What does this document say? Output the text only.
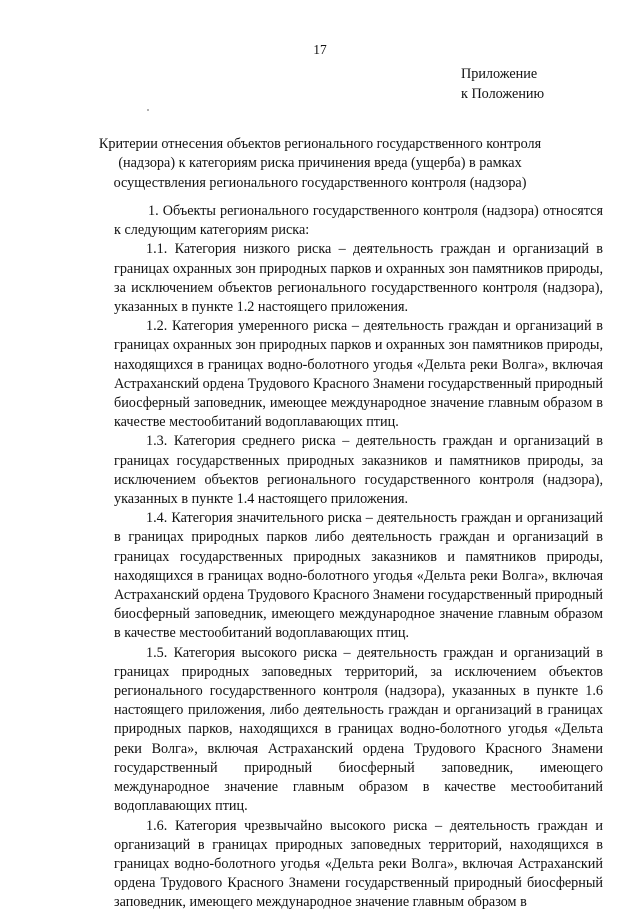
17
Приложение
к Положению
Критерии отнесения объектов регионального государственного контроля (надзора) к категориям риска причинения вреда (ущерба) в рамках осуществления регионального государственного контроля (надзора)

1. Объекты регионального государственного контроля (надзора) относятся к следующим категориям риска:

1.1. Категория низкого риска – деятельность граждан и организаций в границах охранных зон природных парков и охранных зон памятников природы, за исключением объектов регионального государственного контроля (надзора), указанных в пункте 1.2 настоящего приложения.

1.2. Категория умеренного риска – деятельность граждан и организаций в границах охранных зон природных парков и охранных зон памятников природы, находящихся в границах водно-болотного угодья «Дельта реки Волга», включая Астраханский ордена Трудового Красного Знамени государственный природный биосферный заповедник, имеющее международное значение главным образом в качестве местообитаний водоплавающих птиц.

1.3. Категория среднего риска – деятельность граждан и организаций в границах государственных природных заказников и памятников природы, за исключением объектов регионального государственного контроля (надзора), указанных в пункте 1.4 настоящего приложения.

1.4. Категория значительного риска – деятельность граждан и организаций в границах природных парков либо деятельность граждан и организаций в границах государственных природных заказников и памятников природы, находящихся в границах водно-болотного угодья «Дельта реки Волга», включая Астраханский ордена Трудового Красного Знамени государственный природный биосферный заповедник, имеющего международное значение главным образом в качестве местообитаний водоплавающих птиц.

1.5. Категория высокого риска – деятельность граждан и организаций в границах природных заповедных территорий, за исключением объектов регионального государственного контроля (надзора), указанных в пункте 1.6 настоящего приложения, либо деятельность граждан и организаций в границах природных парков, находящихся в границах водно-болотного угодья «Дельта реки Волга», включая Астраханский ордена Трудового Красного Знамени государственный природный биосферный заповедник, имеющего международное значение главным образом в качестве местообитаний водоплавающих птиц.

1.6. Категория чрезвычайно высокого риска – деятельность граждан и организаций в границах природных заповедных территорий, находящихся в границах водно-болотного угодья «Дельта реки Волга», включая Астраханский ордена Трудового Красного Знамени государственный природный биосферный заповедник, имеющего международное значение главным образом в
